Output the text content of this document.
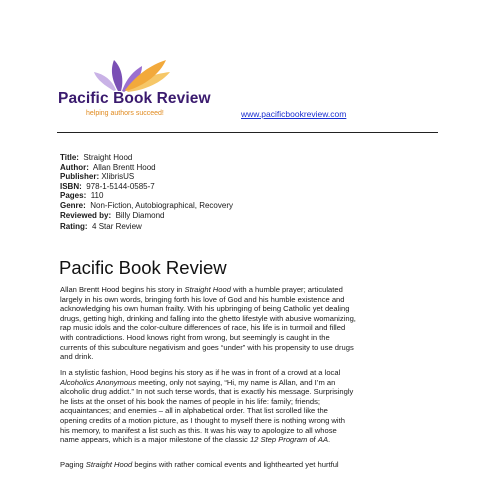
Pacific Book Review
helping authors succeed!	www.pacificbookreview.com
Title: Straight Hood
Author: Allan Brentt Hood
Publisher: XlibrisUS
ISBN: 978-1-5144-0585-7
Pages: 110
Genre: Non-Fiction, Autobiographical, Recovery
Reviewed by: Billy Diamond
Rating: 4 Star Review
Pacific Book Review

Allan Brentt Hood begins his story in Straight Hood with a humble prayer; articulated
largely in his own words, bringing forth his love of God and his humble existence and
acknowledging his own human frailty. With his upbringing of being Catholic yet dealing
drugs, getting high, drinking and falling into the ghetto lifestyle with abusive womanizing,
rap music idols and the color-culture differences of race, his life is in turmoil and filled
with contradictions. Hood knows right from wrong, but seemingly is caught in the
currents of this subculture negativism and goes “under” with his propensity to use drugs
and drink.

In a stylistic fashion, Hood begins his story as if he was in front of a crowd at a local
Alcoholics Anonymous meeting, only not saying, “Hi, my name is Allan, and I’m an
alcoholic drug addict.” In not such terse words, that is exactly his message. Surprisingly
he lists at the onset of his book the names of people in his life: family; friends;
acquaintances; and enemies – all in alphabetical order. That list scrolled like the
opening credits of a motion picture, as I thought to myself there is nothing wrong with
his memory, to manifest a list such as this. It was his way to apologize to all whose
name appears, which is a major milestone of the classic 12 Step Program of AA.

Paging Straight Hood begins with rather comical events and lighthearted yet hurtful
